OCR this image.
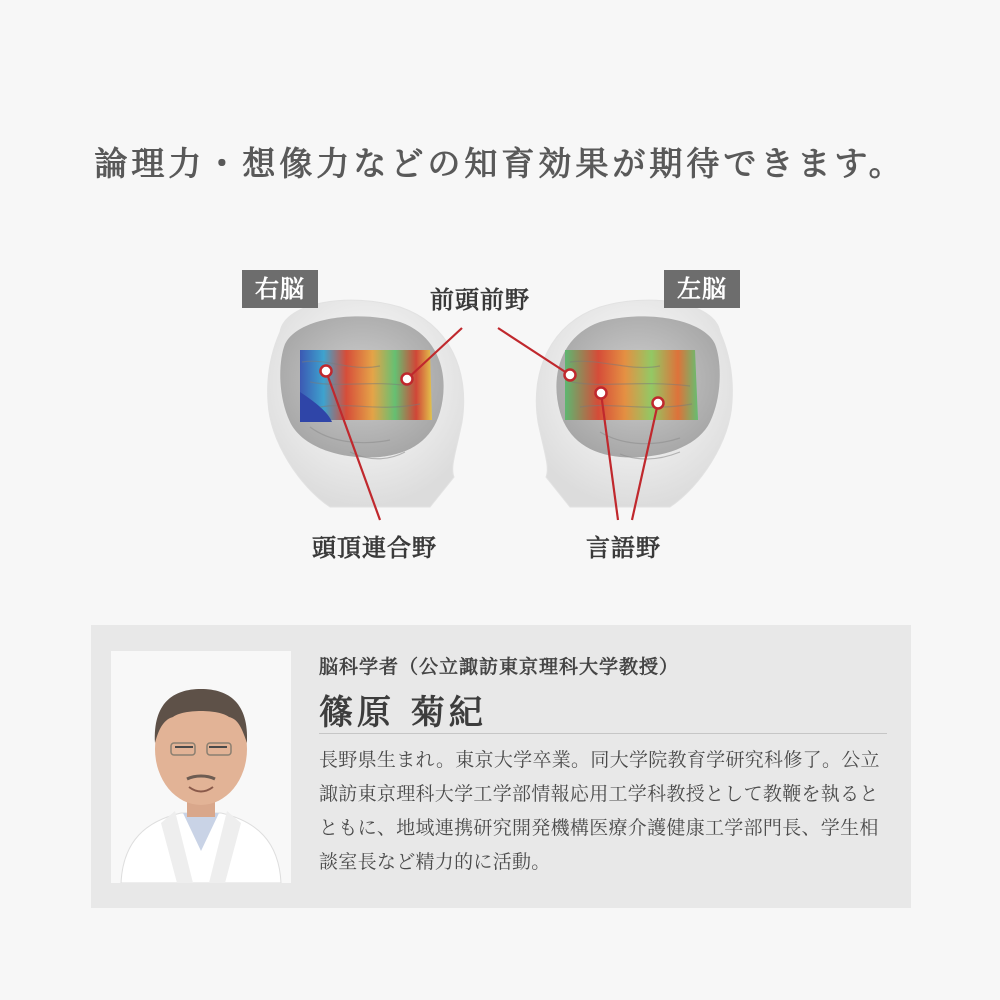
論理力・想像力などの知育効果が期待できます。
右脳	左脳
前頭前野
頭頂連合野	言語野
脳科学者（公立諏訪東京理科大学教授）
篠原 菊紀
長野県生まれ。東京大学卒業。同大学院教育学研究科修了。公立諏訪東京理科大学工学部情報応用工学科教授として教鞭を執るとともに、地域連携研究開発機構医療介護健康工学部門長、学生相談室長など精力的に活動。
